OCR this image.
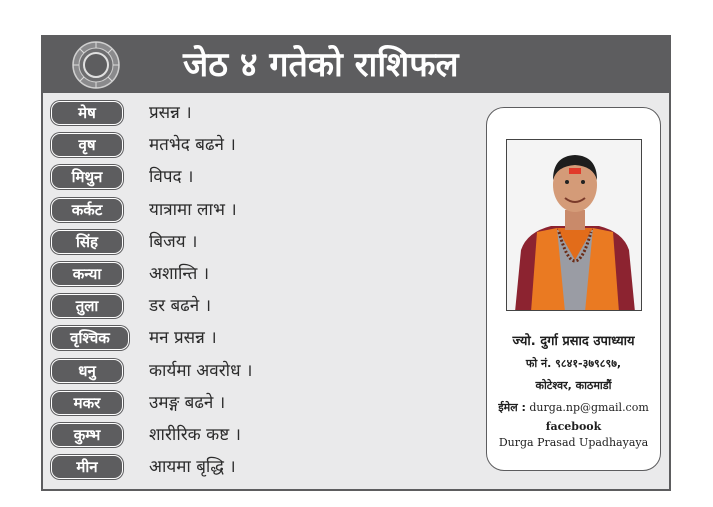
जेठ ४ गतेको राशिफल
मेष	प्रसन्न ।
वृष	मतभेद बढने ।
मिथुन	विपद ।
कर्कट	यात्रामा लाभ ।
सिंह	बिजय ।
कन्या	अशान्ति ।
तुला	डर बढने ।
वृश्चिक	मन प्रसन्न ।
धनु	कार्यमा अवरोध ।
मकर	उमङ्ग बढने ।
कुम्भ	शारीरिक कष्ट ।
मीन	आयमा बृद्धि ।
ज्यो. दुर्गा प्रसाद उपाध्याय
फो नं. ९८४१-३७९८९७,
कोटेश्वर, काठमाडौं
ईमेल : durga.np@gmail.com
facebook
Durga Prasad Upadhayaya
